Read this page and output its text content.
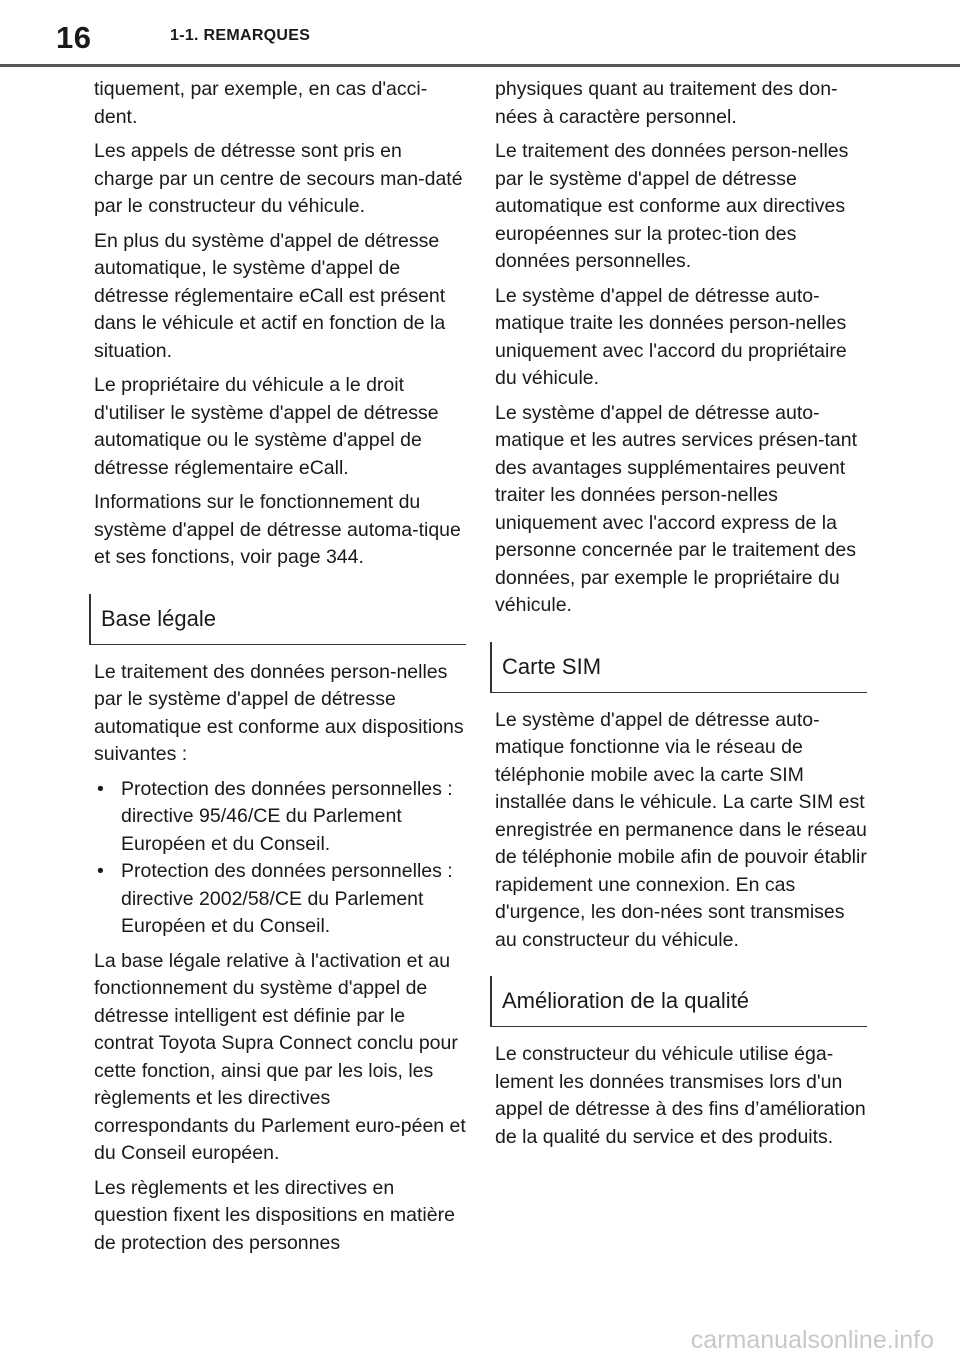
16	1-1. REMARQUES

tiquement, par exemple, en cas d'acci-dent.

Les appels de détresse sont pris en charge par un centre de secours man-daté par le constructeur du véhicule.

En plus du système d'appel de détresse automatique, le système d'appel de détresse réglementaire eCall est présent dans le véhicule et actif en fonction de la situation.

Le propriétaire du véhicule a le droit d'utiliser le système d'appel de détresse automatique ou le système d'appel de détresse réglementaire eCall.

Informations sur le fonctionnement du système d'appel de détresse automa-tique et ses fonctions, voir page 344.

Base légale

Le traitement des données person-nelles par le système d'appel de détresse automatique est conforme aux dispositions suivantes :

• Protection des données personnelles : directive 95/46/CE du Parlement Européen et du Conseil.
• Protection des données personnelles : directive 2002/58/CE du Parlement Européen et du Conseil.

La base légale relative à l'activation et au fonctionnement du système d'appel de détresse intelligent est définie par le contrat Toyota Supra Connect conclu pour cette fonction, ainsi que par les lois, les règlements et les directives correspondants du Parlement euro-péen et du Conseil européen.

Les règlements et les directives en question fixent les dispositions en matière de protection des personnes

physiques quant au traitement des don-nées à caractère personnel.

Le traitement des données person-nelles par le système d'appel de détresse automatique est conforme aux directives européennes sur la protec-tion des données personnelles.

Le système d'appel de détresse auto-matique traite les données person-nelles uniquement avec l'accord du propriétaire du véhicule.

Le système d'appel de détresse auto-matique et les autres services présen-tant des avantages supplémentaires peuvent traiter les données person-nelles uniquement avec l'accord express de la personne concernée par le traitement des données, par exemple le propriétaire du véhicule.

Carte SIM

Le système d'appel de détresse auto-matique fonctionne via le réseau de téléphonie mobile avec la carte SIM installée dans le véhicule. La carte SIM est enregistrée en permanence dans le réseau de téléphonie mobile afin de pouvoir établir rapidement une connexion. En cas d'urgence, les don-nées sont transmises au constructeur du véhicule.

Amélioration de la qualité

Le constructeur du véhicule utilise éga-lement les données transmises lors d'un appel de détresse à des fins d’amélioration de la qualité du service et des produits.

carmanualsonline.info
